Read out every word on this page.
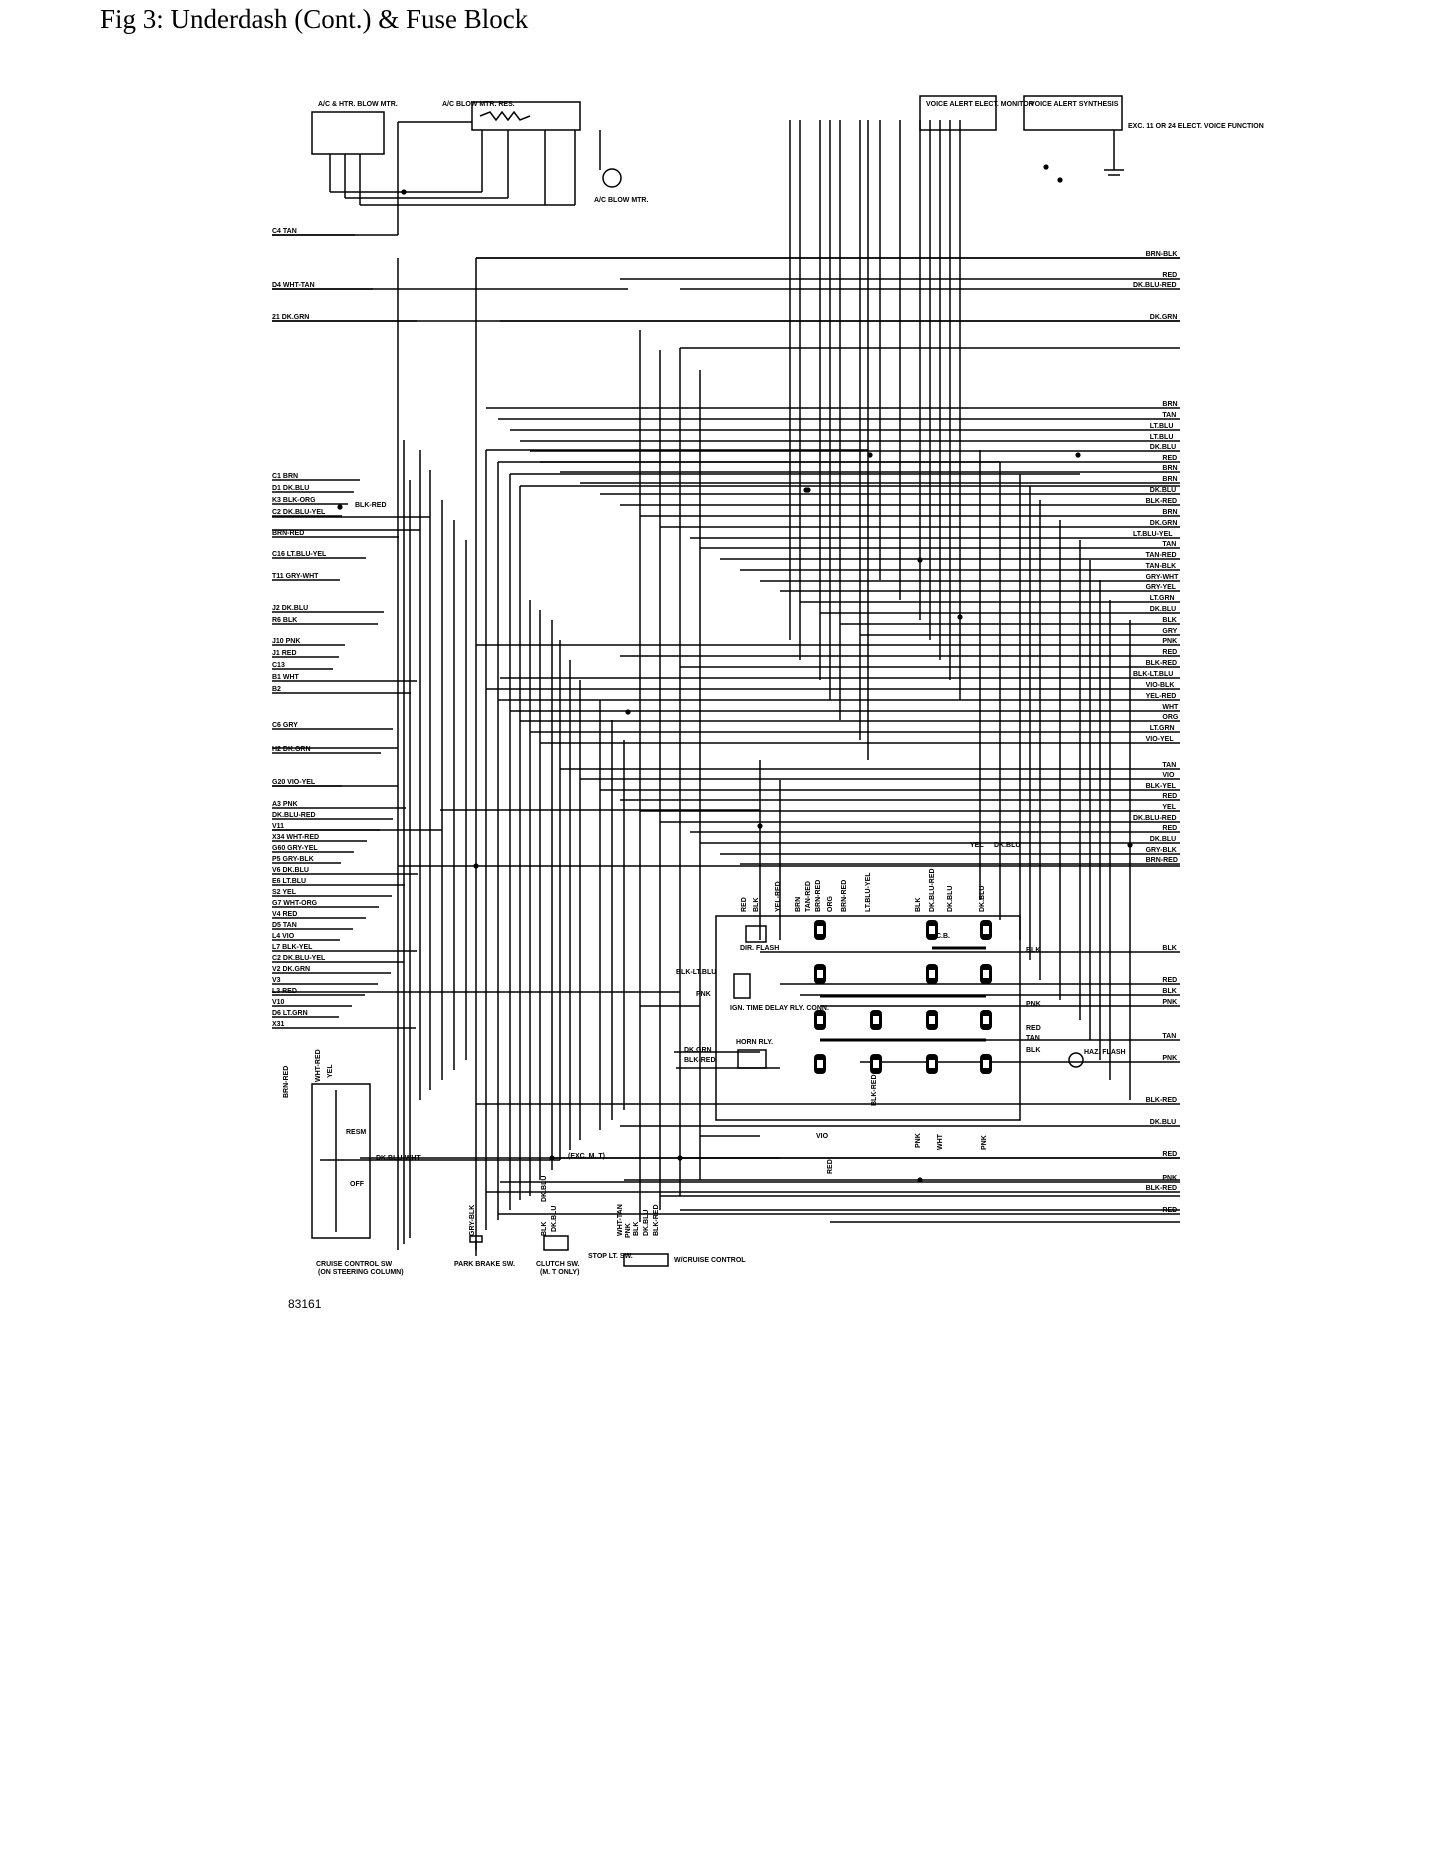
Fig 3: Underdash (Cont.) & Fuse Block
A/C & HTR. BLOW MTR.	A/C BLOW MTR. RES.
A/C BLOW MTR.
VOICE ALERT ELECT. MONITOR
VOICE ALERT SYNTHESIS
EXC. 11 OR 24 ELECT. VOICE FUNCTION
C4 TAN
D4 WHT-TAN
21 DK.GRN
C1 BRN
D1 DK.BLU
K3 BLK-ORG
C2 DK.BLU-YEL
BRN-RED
C16 LT.BLU-YEL
T11 GRY-WHT
J2 DK.BLU
R6 BLK
J10 PNK
J1 RED
C13
B1 WHT
B2
C6 GRY
H2 DK.GRN
G20 VIO-YEL
A3 PNK
DK.BLU-RED
V11
X34 WHT-RED
G60 GRY-YEL
P5 GRY-BLK
V6 DK.BLU
E6 LT.BLU
S2 YEL
G7 WHT-ORG
V4 RED
D5 TAN
L4 VIO
L7 BLK-YEL
C2 DK.BLU-YEL
V2 DK.GRN
V3
L3 RED
V10
D6 LT.GRN
X31
BRN-BLK
RED
DK.BLU-RED
DK.GRN
BRN
TAN
LT.BLU
LT.BLU
DK.BLU
RED
BRN
BRN
DK.BLU
BLK-RED
BRN
DK.GRN
LT.BLU-YEL
TAN
TAN-RED
TAN-BLK
GRY-WHT
GRY-YEL
LT.GRN
DK.BLU
BLK
GRY
PNK
RED
BLK-RED
BLK-LT.BLU
VIO-BLK
YEL-RED
WHT
ORG
LT.GRN
VIO-YEL
TAN
VIO
BLK-YEL
RED
YEL
DK.BLU-RED
RED
DK.BLU
GRY-BLK
BRN-RED
BLK
RED
BLK
PNK
TAN
PNK
BLK-RED
DK.BLU
RED
PNK
BLK-RED
RED
BLK-RED
YEL DK.BLU
BLK-LT.BLU
PNK
DK.GRN
BLK-RED
VIO
DK.BLU-WHT	(EXC. M. T)
BRN-RED	WHT-RED YEL
BLK
PNK
RED
TAN
BLK
DIR. FLASH
IGN. TIME DELAY RLY. CONN.
HORN RLY.
HAZ. FLASH
C.B.
RED BLK YEL-RED BRN TAN-RED BRN-RED ORG BRN-RED LT.BLU-YEL	BLK DK.BLU-RED DK.BLU	DK.BLU
RED
BLK-RED
PNK WHT	PNK
RESM
OFF
CRUISE CONTROL SW
(ON STEERING COLUMN)
PARK BRAKE SW.	CLUTCH SW.
(M. T ONLY)
STOP LT. SW.
W/CRUISE CONTROL
GRY-BLK
DK.BLU
BLK DK.BLU	WHT-TAN PNK BLK DK.BLU BLK-RED
83161
